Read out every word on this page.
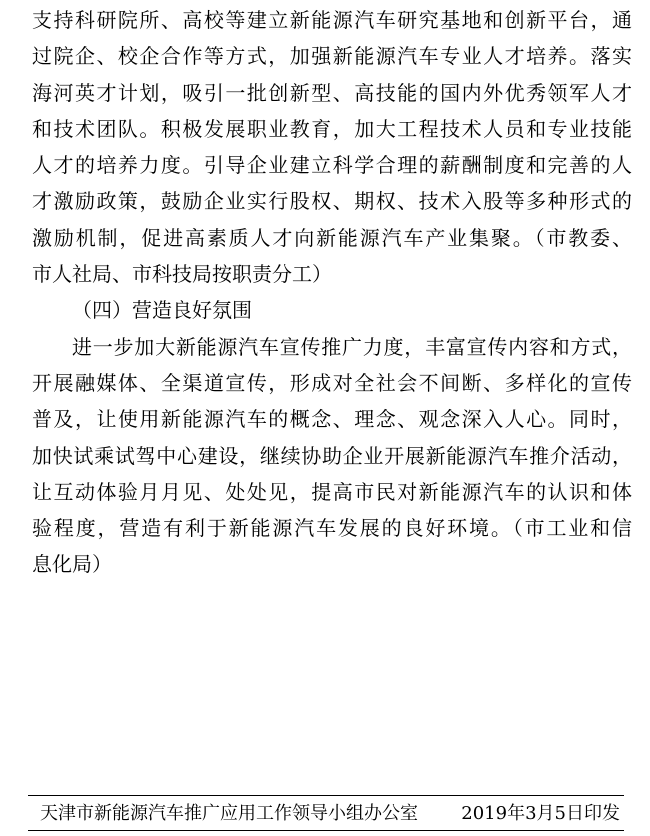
支持科研院所、高校等建立新能源汽车研究基地和创新平台，通
过院企、校企合作等方式，加强新能源汽车专业人才培养。落实
海河英才计划，吸引一批创新型、高技能的国内外优秀领军人才
和技术团队。积极发展职业教育，加大工程技术人员和专业技能
人才的培养力度。引导企业建立科学合理的薪酬制度和完善的人
才激励政策，鼓励企业实行股权、期权、技术入股等多种形式的
激励机制，促进高素质人才向新能源汽车产业集聚。（市教委、
市人社局、市科技局按职责分工）
（四）营造良好氛围
进一步加大新能源汽车宣传推广力度，丰富宣传内容和方式，
开展融媒体、全渠道宣传，形成对全社会不间断、多样化的宣传
普及，让使用新能源汽车的概念、理念、观念深入人心。同时，
加快试乘试驾中心建设，继续协助企业开展新能源汽车推介活动，
让互动体验月月见、处处见，提高市民对新能源汽车的认识和体
验程度，营造有利于新能源汽车发展的良好环境。（市工业和信
息化局）
天津市新能源汽车推广应用工作领导小组办公室 2019年3月5日印发
